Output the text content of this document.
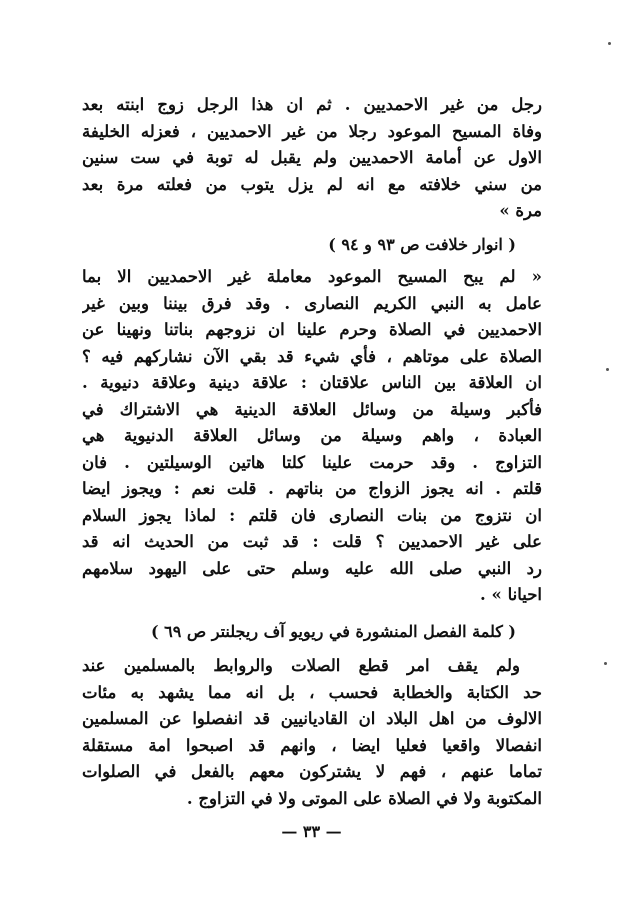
رجل من غير الاحمديين . ثم ان هذا الرجل زوج ابنته بعد
وفاة المسيح الموعود رجلا من غير الاحمديين ، فعزله الخليفة
الاول عن أمامة الاحمديين ولم يقبل له توبة في ست سنين
من سني خلافته مع انه لم يزل يتوب من فعلته مرة بعد
مرة »
( انوار خلافت ص ٩٣ و ٩٤ )
« لم يبح المسيح الموعود معاملة غير الاحمديين الا بما
عامل به النبي الكريم النصارى . وقد فرق بيننا وبين غير
الاحمديين في الصلاة وحرم علينا ان نزوجهم بناتنا ونهينا عن
الصلاة على موتاهم ، فأي شيء قد بقي الآن نشاركهم فيه ؟
ان العلاقة بين الناس علاقتان : علاقة دينية وعلاقة دنيوية .
فأكبر وسيلة من وسائل العلاقة الدينية هي الاشتراك في
العبادة ، واهم وسيلة من وسائل العلاقة الدنيوية هي
التزاوج . وقد حرمت علينا كلتا هاتين الوسيلتين . فان
قلتم . انه يجوز الزواج من بناتهم . قلت نعم : ويجوز ايضا
ان نتزوج من بنات النصارى فان قلتم : لماذا يجوز السلام
على غير الاحمديين ؟ قلت : قد ثبت من الحديث انه قد
رد النبي صلى الله عليه وسلم حتى على اليهود سلامهم
احيانا » .
( كلمة الفصل المنشورة في ريويو آف ريجلنتر ص ٦٩ )
ولم يقف امر قطع الصلات والروابط بالمسلمين عند
حد الكتابة والخطابة فحسب ، بل انه مما يشهد به مئات
الالوف من اهل البلاد ان القاديانيين قد انفصلوا عن المسلمين
انفصالا واقعيا فعليا ايضا ، وانهم قد اصبحوا امة مستقلة
تماما عنهم ، فهم لا يشتركون معهم بالفعل في الصلوات
المكتوبة ولا في الصلاة على الموتى ولا في التزاوج .
— ٣٣ —
